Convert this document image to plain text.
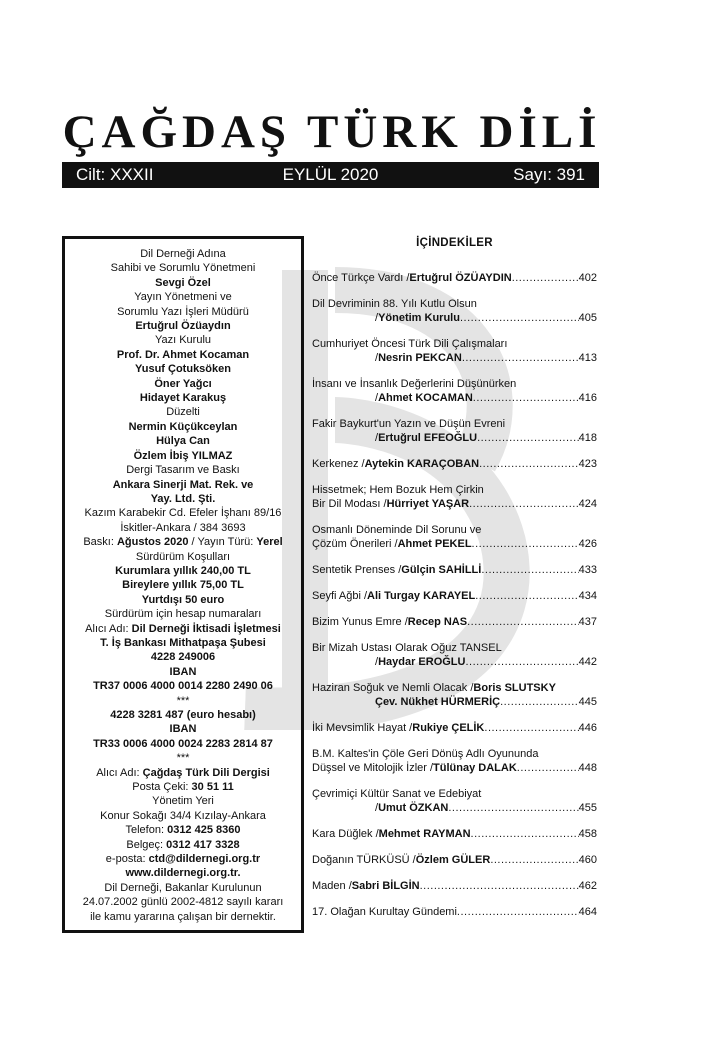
ÇAĞDAŞ TÜRK DİLİ
EYLÜL 2020
Cilt: XXXII	Sayı: 391
Dil Derneği Adına
Sahibi ve Sorumlu Yönetmeni
Sevgi Özel
Yayın Yönetmeni ve
Sorumlu Yazı İşleri Müdürü
Ertuğrul Özüaydın
Yazı Kurulu
Prof. Dr. Ahmet Kocaman
Yusuf Çotuksöken
Öner Yağcı
Hidayet Karakuş
Düzelti
Nermin Küçükceylan
Hülya Can
Özlem İbiş YILMAZ
Dergi Tasarım ve Baskı
Ankara Sinerji Mat. Rek. ve
Yay. Ltd. Şti.
Kazım Karabekir Cd. Efeler İşhanı 89/16
İskitler-Ankara / 384 3693
Baskı: Ağustos 2020 / Yayın Türü: Yerel
Sürdürüm Koşulları
Kurumlara yıllık 240,00 TL
Bireylere yıllık 75,00 TL
Yurtdışı 50 euro
Sürdürüm için hesap numaraları
Alıcı Adı: Dil Derneği İktisadi İşletmesi
T. İş Bankası Mithatpaşa Şubesi
4228 249006
IBAN
TR37 0006 4000 0014 2280 2490 06
***
4228 3281 487 (euro hesabı)
IBAN
TR33 0006 4000 0024 2283 2814 87
***
Alıcı Adı: Çağdaş Türk Dili Dergisi
Posta Çeki: 30 51 11
Yönetim Yeri
Konur Sokağı 34/4 Kızılay-Ankara
Telefon: 0312 425 8360
Belgeç: 0312 417 3328
e-posta: ctd@dildernegi.org.tr
www.dildernegi.org.tr.
Dil Derneği, Bakanlar Kurulunun
24.07.2002 günlü 2002-4812 sayılı kararı
ile kamu yararına çalışan bir dernektir.
İÇİNDEKİLER
Önce Türkçe Vardı / Ertuğrul ÖZÜAYDIN .....	402
Dil Devriminin 88. Yılı Kutlu Olsun
/ Yönetim Kurulu .....	405
Cumhuriyet Öncesi Türk Dili Çalışmaları
/ Nesrin PEKCAN .....	413
İnsanı ve İnsanlık Değerlerini Düşünürken
/ Ahmet KOCAMAN .....	416
Fakir Baykurt'un Yazın ve Düşün Evreni
/ Ertuğrul EFEOĞLU .....	418
Kerkenez / Aytekin KARAÇOBAN .....	423
Hissetmek; Hem Bozuk Hem Çirkin
Bir Dil Modası / Hürriyet YAŞAR .....	424
Osmanlı Döneminde Dil Sorunu ve
Çözüm Önerileri / Ahmet PEKEL .....	426
Sentetik Prenses / Gülçin SAHİLLİ .....	433
Seyfi Ağbi / Ali Turgay KARAYEL .....	434
Bizim Yunus Emre / Recep NAS .....	437
Bir Mizah Ustası Olarak Oğuz TANSEL
/ Haydar EROĞLU .....	442
Haziran Soğuk ve Nemli Olacak / Boris SLUTSKY
Çev. Nükhet HÜRMERİÇ .....	445
İki Mevsimlik Hayat / Rukiye ÇELİK .....	446
B.M. Kaltes'in Çöle Geri Dönüş Adlı Oyununda
Düşsel ve Mitolojik İzler / Tülünay DALAK .....	448
Çevrimiçi Kültür Sanat ve Edebiyat
/ Umut ÖZKAN .....	455
Kara Düğlek / Mehmet RAYMAN .....	458
Doğanın TÜRKÜSÜ / Özlem GÜLER .....	460
Maden / Sabri BİLGİN .....	462
17. Olağan Kurultay Gündemi .....	464
